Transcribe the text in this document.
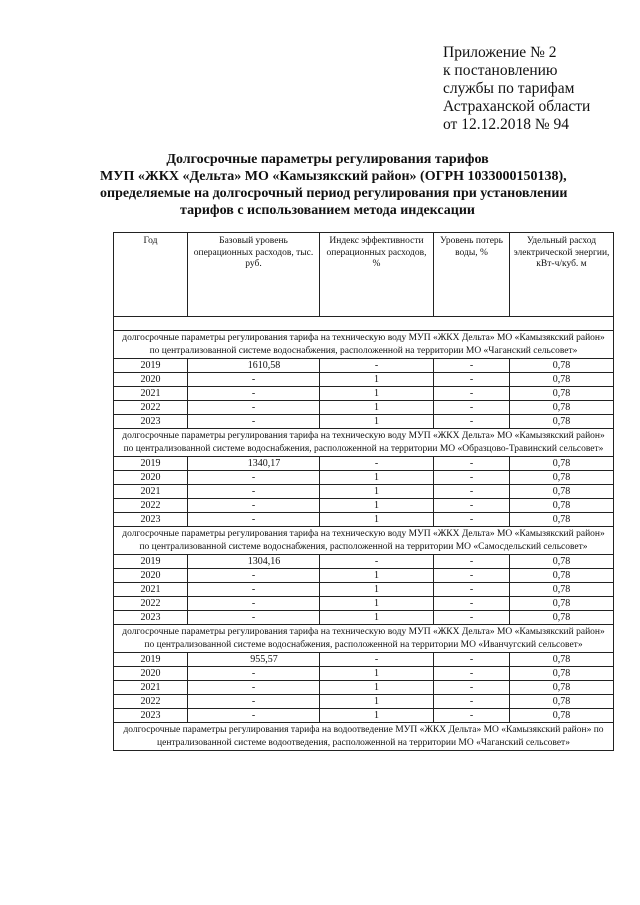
Приложение № 2
к постановлению
службы по тарифам
Астраханской области
от 12.12.2018 № 94
Долгосрочные параметры регулирования тарифов
МУП «ЖКХ «Дельта» МО «Камызякский район» (ОГРН 1033000150138),
определяемые на долгосрочный период регулирования при установлении
тарифов с использованием метода индексации
Год	Базовый уровень операционных расходов, тыс. руб.	Индекс эффективности операционных расходов, %	Уровень потерь воды, %	Удельный расход электрической энергии, кВт-ч/куб. м

долгосрочные параметры регулирования тарифа на техническую воду МУП «ЖКХ Дельта» МО «Камызякский район» по централизованной системе водоснабжения, расположенной на территории МО «Чаганский сельсовет»				
2019	1610,58	-	-	0,78
2020	-	1	-	0,78
2021	-	1	-	0,78
2022	-	1	-	0,78
2023	-	1	-	0,78
долгосрочные параметры регулирования тарифа на техническую воду МУП «ЖКХ Дельта» МО «Камызякский район» по централизованной системе водоснабжения, расположенной на территории МО «Образцово-Травинский сельсовет»				
2019	1340,17	-	-	0,78
2020	-	1	-	0,78
2021	-	1	-	0,78
2022	-	1	-	0,78
2023	-	1	-	0,78
долгосрочные параметры регулирования тарифа на техническую воду МУП «ЖКХ Дельта» МО «Камызякский район» по централизованной системе водоснабжения, расположенной на территории МО «Самосдельский сельсовет»				
2019	1304,16	-	-	0,78
2020	-	1	-	0,78
2021	-	1	-	0,78
2022	-	1	-	0,78
2023	-	1	-	0,78
долгосрочные параметры регулирования тарифа на техническую воду МУП «ЖКХ Дельта» МО «Камызякский район» по централизованной системе водоснабжения, расположенной на территории МО «Иванчугский сельсовет»				
2019	955,57	-	-	0,78
2020	-	1	-	0,78
2021	-	1	-	0,78
2022	-	1	-	0,78
2023	-	1	-	0,78
долгосрочные параметры регулирования тарифа на водоотведение МУП «ЖКХ Дельта» МО «Камызякский район» по централизованной системе водоотведения, расположенной на территории МО «Чаганский сельсовет»				
